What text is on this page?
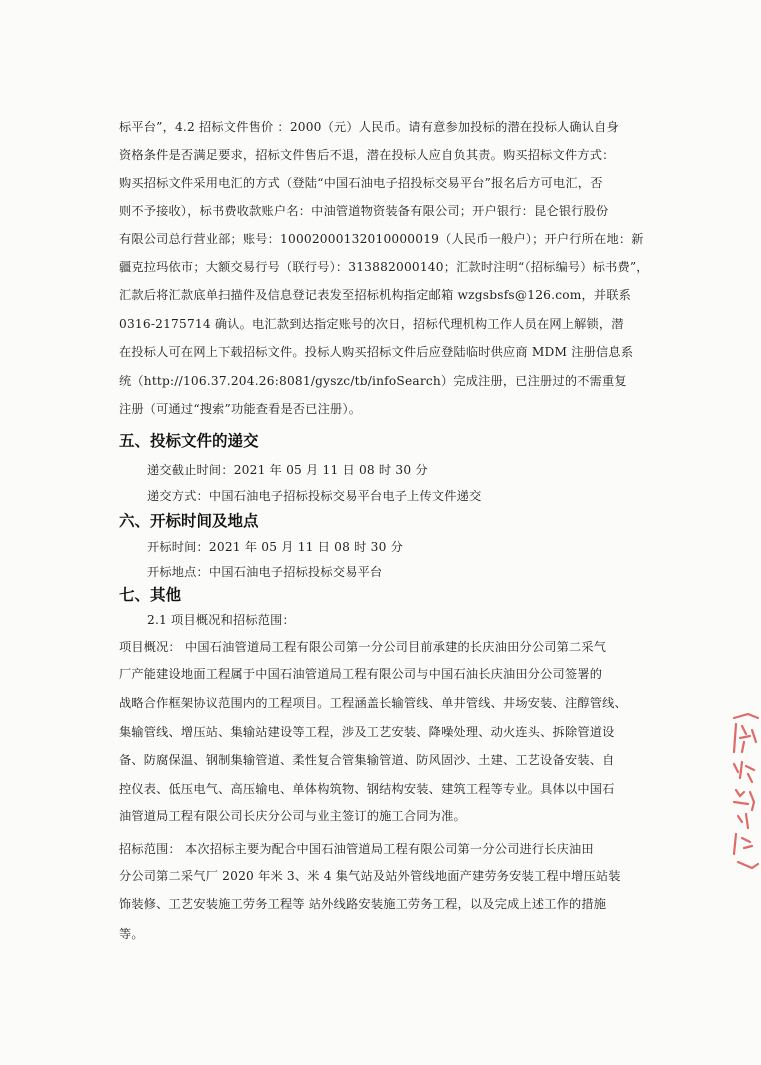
标平台”，4.2 招标文件售价 ：2000（元）人民币。请有意参加投标的潜在投标人确认自身
资格条件是否满足要求，招标文件售后不退，潜在投标人应自负其责。购买招标文件方式：
购买招标文件采用电汇的方式（登陆“中国石油电子招投标交易平台”报名后方可电汇，否
则不予接收），标书费收款账户名：中油管道物资装备有限公司；开户银行：昆仑银行股份
有限公司总行营业部；账号：10002000132010000019（人民币一般户）；开户行所在地：新
疆克拉玛依市；大额交易行号（联行号）：313882000140；汇款时注明“（招标编号）标书费”，
汇款后将汇款底单扫描件及信息登记表发至招标机构指定邮箱 wzgsbsfs@126.com，并联系
0316-2175714 确认。电汇款到达指定账号的次日，招标代理机构工作人员在网上解锁，潜
在投标人可在网上下载招标文件。投标人购买招标文件后应登陆临时供应商 MDM 注册信息系
统（http://106.37.204.26:8081/gyszc/tb/infoSearch）完成注册，已注册过的不需重复
注册（可通过“搜索”功能查看是否已注册）。
五、投标文件的递交
递交截止时间：2021 年 05 月 11 日 08 时 30 分
递交方式：中国石油电子招标投标交易平台电子上传文件递交
六、开标时间及地点
开标时间：2021 年 05 月 11 日 08 时 30 分
开标地点：中国石油电子招标投标交易平台
七、其他
2.1 项目概况和招标范围：
项目概况： 中国石油管道局工程有限公司第一分公司目前承建的长庆油田分公司第二采气
厂产能建设地面工程属于中国石油管道局工程有限公司与中国石油长庆油田分公司签署的
战略合作框架协议范围内的工程项目。工程涵盖长输管线、单井管线、井场安装、注醇管线、
集输管线、增压站、集输站建设等工程，涉及工艺安装、降噪处理、动火连头、拆除管道设
备、防腐保温、钢制集输管道、柔性复合管集输管道、防风固沙、土建、工艺设备安装、自
控仪表、低压电气、高压输电、单体构筑物、钢结构安装、建筑工程等专业。具体以中国石
油管道局工程有限公司长庆分公司与业主签订的施工合同为准。
招标范围： 本次招标主要为配合中国石油管道局工程有限公司第一分公司进行长庆油田
分公司第二采气厂 2020 年米 3、米 4 集气站及站外管线地面产建劳务安装工程中增压站装
饰装修、工艺安装施工劳务工程等 站外线路安装施工劳务工程，以及完成上述工作的措施
等。
